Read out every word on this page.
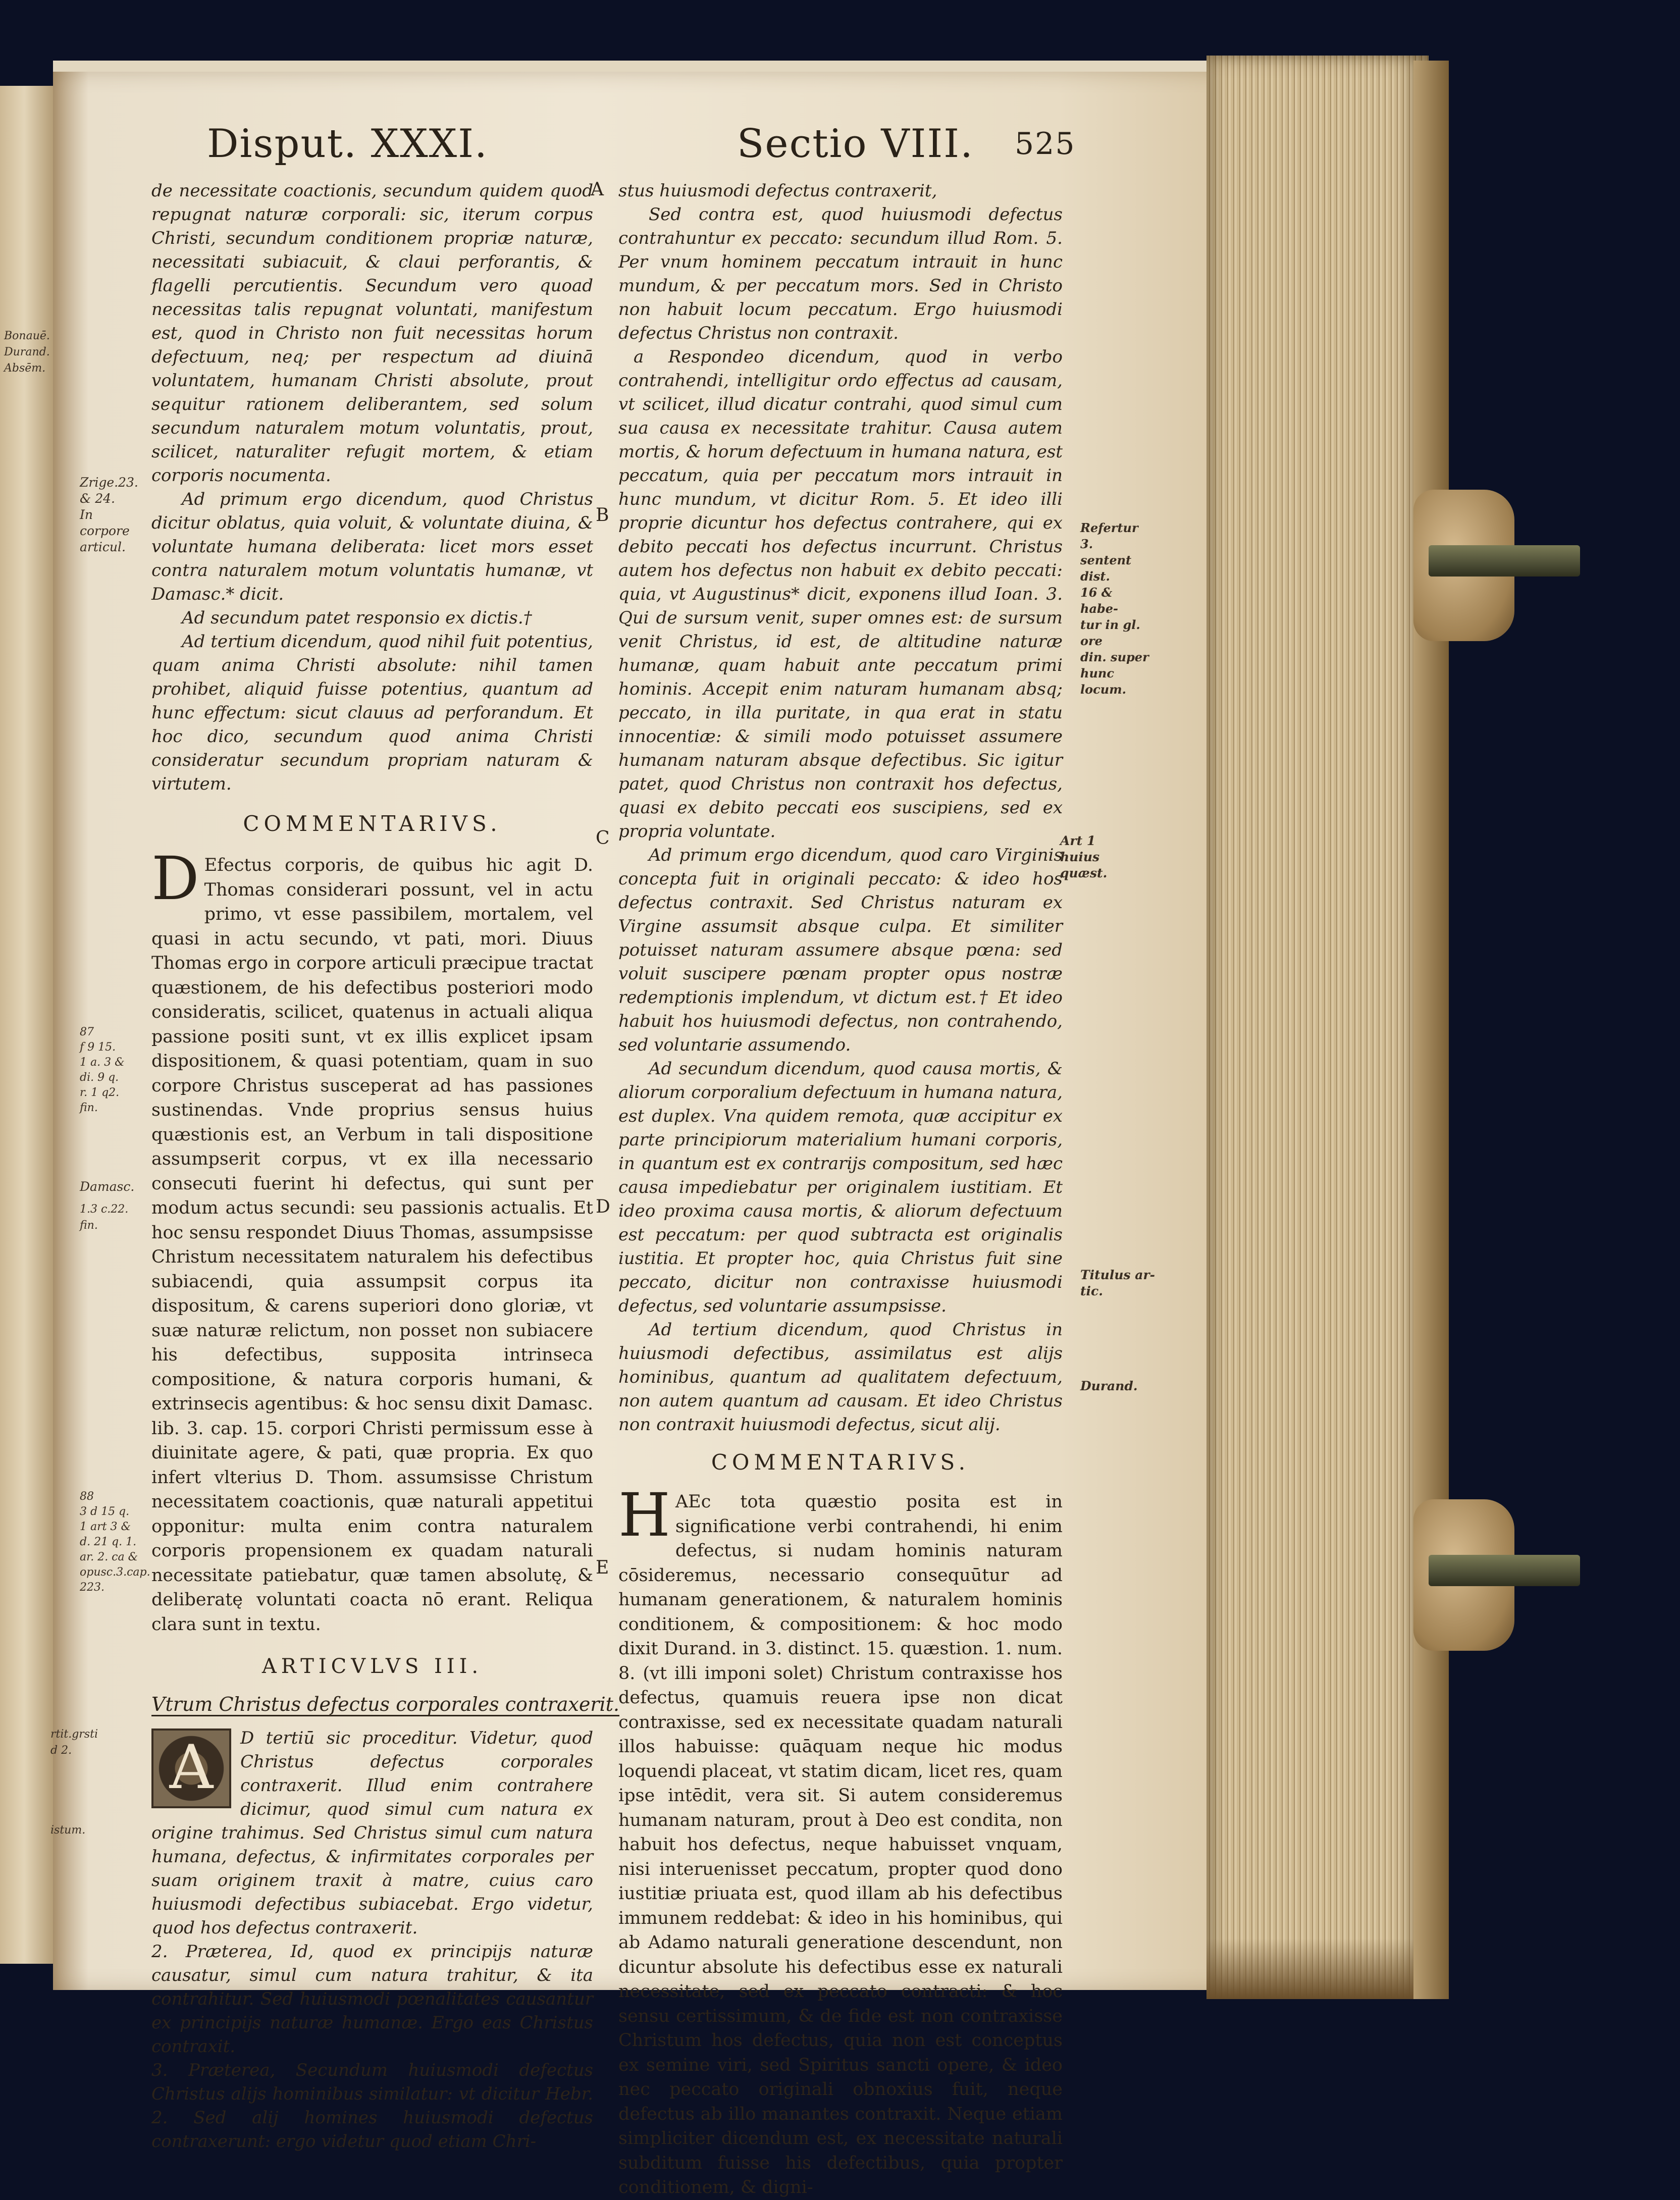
Bonauē.
Durand.
Absēm.
Disput. XXXI.	Sectio VIII. 525
Zrige.23.
& 24.
In corpore
articul.
87
f 9 15.
1 a. 3 &
di. 9 q.
r. 1 q2.
fin.
Damasc.
1.3 c.22.
fin.
88
3 d 15 q.
1 art 3 &
d. 21 q. 1.
ar. 2. ca &
opusc.3.cap.
223.
rtit.grsti
d 2.
istum.
A
B
C
D
E

de necessitate coactionis, secundum quidem quod repugnat naturæ corporali: sic, iterum corpus Christi, secundum conditionem propriæ naturæ, necessitati subiacuit, & claui perforantis, & flagelli percutientis. Secundum vero quoad necessitas talis repugnat voluntati, manifestum est, quod in Christo non fuit necessitas horum defectuum, neq; per respectum ad diuinā voluntatem, humanam Christi absolute, prout sequitur rationem deliberantem, sed solum secundum naturalem motum voluntatis, prout, scilicet, naturaliter refugit mortem, & etiam corporis nocumenta.

Ad primum ergo dicendum, quod Christus dicitur oblatus, quia voluit, & voluntate diuina, & voluntate humana deliberata: licet mors esset contra naturalem motum voluntatis humanæ, vt Damasc.* dicit.

Ad secundum patet responsio ex dictis.†

Ad tertium dicendum, quod nihil fuit potentius, quam anima Christi absolute: nihil tamen prohibet, aliquid fuisse potentius, quantum ad hunc effectum: sicut clauus ad perforandum. Et hoc dico, secundum quod anima Christi consideratur secundum propriam naturam & virtutem.

COMMENTARIVS.

D Efectus corporis, de quibus hic agit D. Thomas considerari possunt, vel in actu primo, vt esse passibilem, mortalem, vel quasi in actu secundo, vt pati, mori. Diuus Thomas ergo in corpore articuli præcipue tractat quæstionem, de his defectibus posteriori modo consideratis, scilicet, quatenus in actuali aliqua passione positi sunt, vt ex illis explicet ipsam dispositionem, & quasi potentiam, quam in suo corpore Christus susceperat ad has passiones sustinendas. Vnde proprius sensus huius quæstionis est, an Verbum in tali dispositione assumpserit corpus, vt ex illa necessario consecuti fuerint hi defectus, qui sunt per modum actus secundi: seu passionis actualis. Et hoc sensu respondet Diuus Thomas, assumpsisse Christum necessitatem naturalem his defectibus subiacendi, quia assumpsit corpus ita dispositum, & carens superiori dono gloriæ, vt suæ naturæ relictum, non posset non subiacere his defectibus, supposita intrinseca compositione, & natura corporis humani, & extrinsecis agentibus: & hoc sensu dixit Damasc. lib. 3. cap. 15. corpori Christi permissum esse à diuinitate agere, & pati, quæ propria. Ex quo infert vlterius D. Thom. assumsisse Christum necessitatem coactionis, quæ naturali appetitui opponitur: multa enim contra naturalem corporis propensionem ex quadam naturali necessitate patiebatur, quæ tamen absolutę, & deliberatę voluntati coacta nō erant. Reliqua clara sunt in textu.

ARTICVLVS III.

Vtrum Christus defectus corporales contraxerit.

A	D tertiū sic proceditur. Videtur, quod Christus defectus corporales contraxerit. Illud enim contrahere dicimur, quod simul cum natura ex origine trahimus. Sed Christus simul cum natura humana, defectus, & infirmitates corporales per suam originem traxit à matre, cuius caro huiusmodi defectibus subiacebat. Ergo videtur, quod hos defectus contraxerit.

2. Præterea, Id, quod ex principijs naturæ causatur, simul cum natura trahitur, & ita contrahitur. Sed huiusmodi pœnalitates causantur ex principijs naturæ humanæ. Ergo eas Christus contraxit.

3. Præterea, Secundum huiusmodi defectus Christus alijs hominibus similatur: vt dicitur Hebr. 2. Sed alij homines huiusmodi defectus contraxerunt: ergo videtur quod etiam Chri-

stus huiusmodi defectus contraxerit,

Sed contra est, quod huiusmodi defectus contrahuntur ex peccato: secundum illud Rom. 5. Per vnum hominem peccatum intrauit in hunc mundum, & per peccatum mors. Sed in Christo non habuit locum peccatum. Ergo huiusmodi defectus Christus non contraxit.

a Respondeo dicendum, quod in verbo contrahendi, intelligitur ordo effectus ad causam, vt scilicet, illud dicatur contrahi, quod simul cum sua causa ex necessitate trahitur. Causa autem mortis, & horum defectuum in humana natura, est peccatum, quia per peccatum mors intrauit in hunc mundum, vt dicitur Rom. 5. Et ideo illi proprie dicuntur hos defectus contrahere, qui ex debito peccati hos defectus incurrunt. Christus autem hos defectus non habuit ex debito peccati: quia, vt Augustinus* dicit, exponens illud Ioan. 3. Qui de sursum venit, super omnes est: de sursum venit Christus, id est, de altitudine naturæ humanæ, quam habuit ante peccatum primi hominis. Accepit enim naturam humanam absq; peccato, in illa puritate, in qua erat in statu innocentiæ: & simili modo potuisset assumere humanam naturam absque defectibus. Sic igitur patet, quod Christus non contraxit hos defectus, quasi ex debito peccati eos suscipiens, sed ex propria voluntate.

Ad primum ergo dicendum, quod caro Virginis concepta fuit in originali peccato: & ideo hos defectus contraxit. Sed Christus naturam ex Virgine assumsit absque culpa. Et similiter potuisset naturam assumere absque pœna: sed voluit suscipere pœnam propter opus nostræ redemptionis implendum, vt dictum est.† Et ideo habuit hos huiusmodi defectus, non contrahendo, sed voluntarie assumendo.

Ad secundum dicendum, quod causa mortis, & aliorum corporalium defectuum in humana natura, est duplex. Vna quidem remota, quæ accipitur ex parte principiorum materialium humani corporis, in quantum est ex contrarijs compositum, sed hæc causa impediebatur per originalem iustitiam. Et ideo proxima causa mortis, & aliorum defectuum est peccatum: per quod subtracta est originalis iustitia. Et propter hoc, quia Christus fuit sine peccato, dicitur non contraxisse huiusmodi defectus, sed voluntarie assumpsisse.

Ad tertium dicendum, quod Christus in huiusmodi defectibus, assimilatus est alijs hominibus, quantum ad qualitatem defectuum, non autem quantum ad causam. Et ideo Christus non contraxit huiusmodi defectus, sicut alij.

COMMENTARIVS.

H AEc tota quæstio posita est in significatione verbi contrahendi, hi enim defectus, si nudam hominis naturam cōsideremus, necessario consequūtur ad humanam generationem, & naturalem hominis conditionem, & compositionem: & hoc modo dixit Durand. in 3. distinct. 15. quæstion. 1. num. 8. (vt illi imponi solet) Christum contraxisse hos defectus, quamuis reuera ipse non dicat contraxisse, sed ex necessitate quadam naturali illos habuisse: quāquam neque hic modus loquendi placeat, vt statim dicam, licet res, quam ipse intēdit, vera sit. Si autem consideremus humanam naturam, prout à Deo est condita, non habuit hos defectus, neque habuisset vnquam, nisi interuenisset peccatum, propter quod dono iustitiæ priuata est, quod illam ab his defectibus immunem reddebat: & ideo in his hominibus, qui ab Adamo naturali generatione descendunt, non dicuntur absolute his defectibus esse ex naturali necessitate, sed ex peccato contracti: & hoc sensu certissimum, & de fide est non contraxisse Christum hos defectus, quia non est conceptus ex semine viri, sed Spiritus sancti opere, & ideo nec peccato originali obnoxius fuit, neque defectus ab illo manantes contraxit. Neque etiam simpliciter dicendum est, ex necessitate naturali subditum fuisse his defectibus, quia propter conditionem, & digni-

Refertur 3.
sentent dist.
16 & habe-
tur in gl. ore
din. super
hunc locum.
Art 1 huius
quæst.
Titulus ar-
tic.
Durand.
